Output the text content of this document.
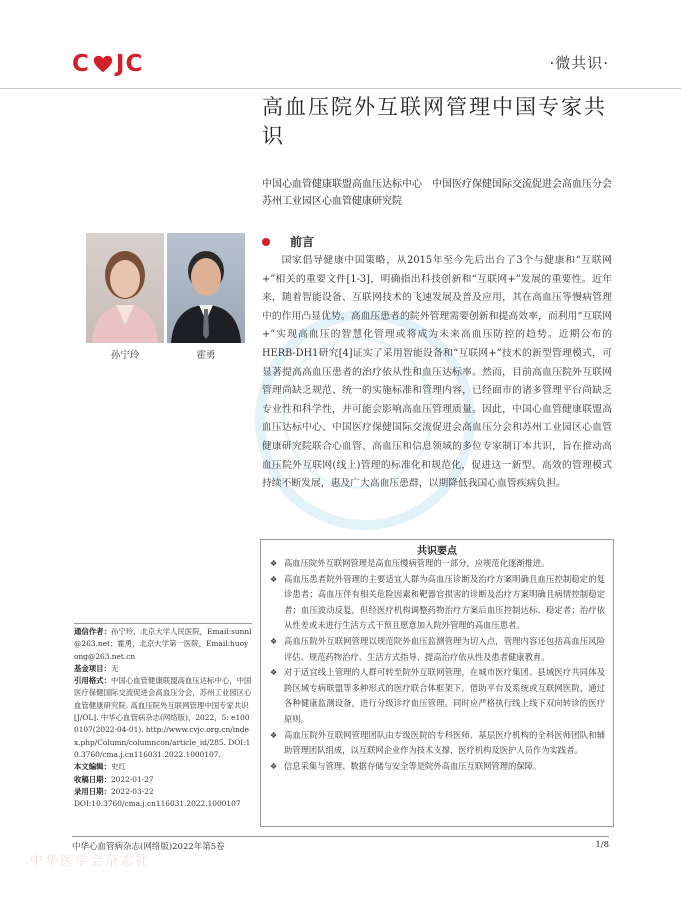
C JC	·微共识·
高血压院外互联网管理中国专家共识
中国心血管健康联盟高血压达标中心　中国医疗保健国际交流促进会高血压分会　苏州工业园区心血管健康研究院
孙宁玲	霍勇
前言
国家倡导健康中国策略，从2015年至今先后出台了3个与健康和“互联网+”相关的重要文件[1-3]，明确指出科技创新和“互联网+”发展的重要性。近年来，随着智能设备、互联网技术的飞速发展及普及应用，其在高血压等慢病管理中的作用凸显优势。高血压患者的院外管理需要创新和提高效率，而利用“互联网+”实现高血压的智慧化管理或将成为未来高血压防控的趋势。近期公布的HERB-DH1研究[4]证实了采用智能设备和“互联网+”技术的新型管理模式，可显著提高高血压患者的治疗依从性和血压达标率。然而，目前高血压院外互联网管理尚缺乏规范、统一的实施标准和管理内容，已经面市的诸多管理平台尚缺乏专业性和科学性，并可能会影响高血压管理质量。因此，中国心血管健康联盟高血压达标中心、中国医疗保健国际交流促进会高血压分会和苏州工业园区心血管健康研究院联合心血管、高血压和信息领域的多位专家制订本共识，旨在推动高血压院外互联网(线上)管理的标准化和规范化，促进这一新型、高效的管理模式持续不断发展，惠及广大高血压患群，以期降低我国心血管疾病负担。
共识要点
❖ 高血压院外互联网管理是高血压慢病管理的一部分，应规范化逐渐推进。
❖ 高血压患者院外管理的主要适宜人群为高血压诊断及治疗方案明确且血压控制稳定的复诊患者；高血压伴有相关危险因素和靶器官损害的诊断及治疗方案明确且病情控制稳定者；血压波动反复，但经医疗机构调整药物治疗方案后血压控制达标、稳定者；治疗依从性差或未进行生活方式干预且愿意加入院外管理的高血压患者。
❖ 高血压院外互联网管理以规范院外血压监测管理为切入点，管理内容还包括高血压风险评估、规范药物治疗、生活方式指导、提高治疗依从性及患者健康教育。
❖ 对于适宜线上管理的人群可转至院外互联网管理，在城市医疗集团、县域医疗共同体及跨区域专病联盟等多种形式的医疗联合体框架下，借助平台及系统或互联网医院，通过各种健康监测设备，进行分级诊疗血压管理。同时应严格执行线上线下双向转诊的医疗原则。
❖ 高血压院外互联网管理团队由专级医院的专科医师、基层医疗机构的全科医师团队和辅助管理团队组成，以互联网企业作为技术支撑，医疗机构及医护人员作为实践者。
❖ 信息采集与管理、数据存储与安全等是院外高血压互联网管理的保障。
通信作者：孙宁玲，北京大学人民医院，Email:sunnl@263.net；霍勇，北京大学第一医院，Email:huoyong@263.net.cn
基金项目：无
引用格式：中国心血管健康联盟高血压达标中心，中国医疗保健国际交流促进会高血压分会，苏州工业园区心血管健康研究院. 高血压院外互联网管理中国专家共识[J/OL]. 中华心血管病杂志(网络版)，2022，5: e1000107(2022-04-01). http://www.cvjc.org.cn/index.php/Column/columncon/article_id/285. DOI:10.3760/cma.j.cn116031.2022.1000107.
本文编辑：史红
收稿日期：2022-01-27
录用日期：2022-03-22
DOI:10.3760/cma.j.cn116031.2022.1000107
中华心血管病杂志(网络版)2022年第5卷	1/8
中华医学会杂志社
